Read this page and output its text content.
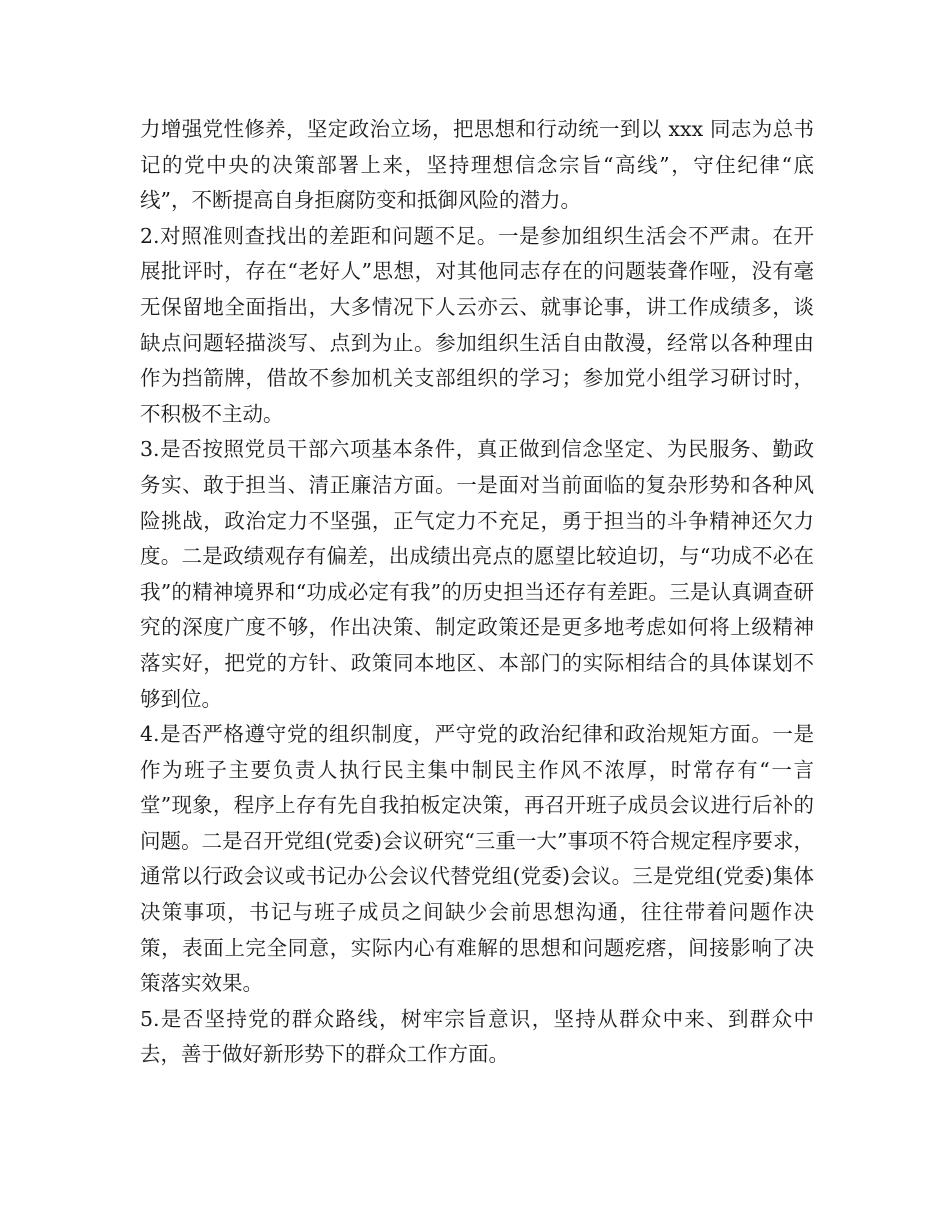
力增强党性修养，坚定政治立场，把思想和行动统一到以 xxx 同志为总书记的党中央的决策部署上来，坚持理想信念宗旨“高线”，守住纪律“底线”，不断提高自身拒腐防变和抵御风险的潜力。

2.对照准则查找出的差距和问题不足。一是参加组织生活会不严肃。在开展批评时，存在“老好人”思想，对其他同志存在的问题装聋作哑，没有毫无保留地全面指出，大多情况下人云亦云、就事论事，讲工作成绩多，谈缺点问题轻描淡写、点到为止。参加组织生活自由散漫，经常以各种理由作为挡箭牌，借故不参加机关支部组织的学习；参加党小组学习研讨时，不积极不主动。

3.是否按照党员干部六项基本条件，真正做到信念坚定、为民服务、勤政务实、敢于担当、清正廉洁方面。一是面对当前面临的复杂形势和各种风险挑战，政治定力不坚强，正气定力不充足，勇于担当的斗争精神还欠力度。二是政绩观存有偏差，出成绩出亮点的愿望比较迫切，与“功成不必在我”的精神境界和“功成必定有我”的历史担当还存有差距。三是认真调查研究的深度广度不够，作出决策、制定政策还是更多地考虑如何将上级精神落实好，把党的方针、政策同本地区、本部门的实际相结合的具体谋划不够到位。

4.是否严格遵守党的组织制度，严守党的政治纪律和政治规矩方面。一是作为班子主要负责人执行民主集中制民主作风不浓厚，时常存有“一言堂”现象，程序上存有先自我拍板定决策，再召开班子成员会议进行后补的问题。二是召开党组(党委)会议研究“三重一大”事项不符合规定程序要求，通常以行政会议或书记办公会议代替党组(党委)会议。三是党组(党委)集体决策事项，书记与班子成员之间缺少会前思想沟通，往往带着问题作决策，表面上完全同意，实际内心有难解的思想和问题疙瘩，间接影响了决策落实效果。

5.是否坚持党的群众路线，树牢宗旨意识，坚持从群众中来、到群众中去，善于做好新形势下的群众工作方面。
